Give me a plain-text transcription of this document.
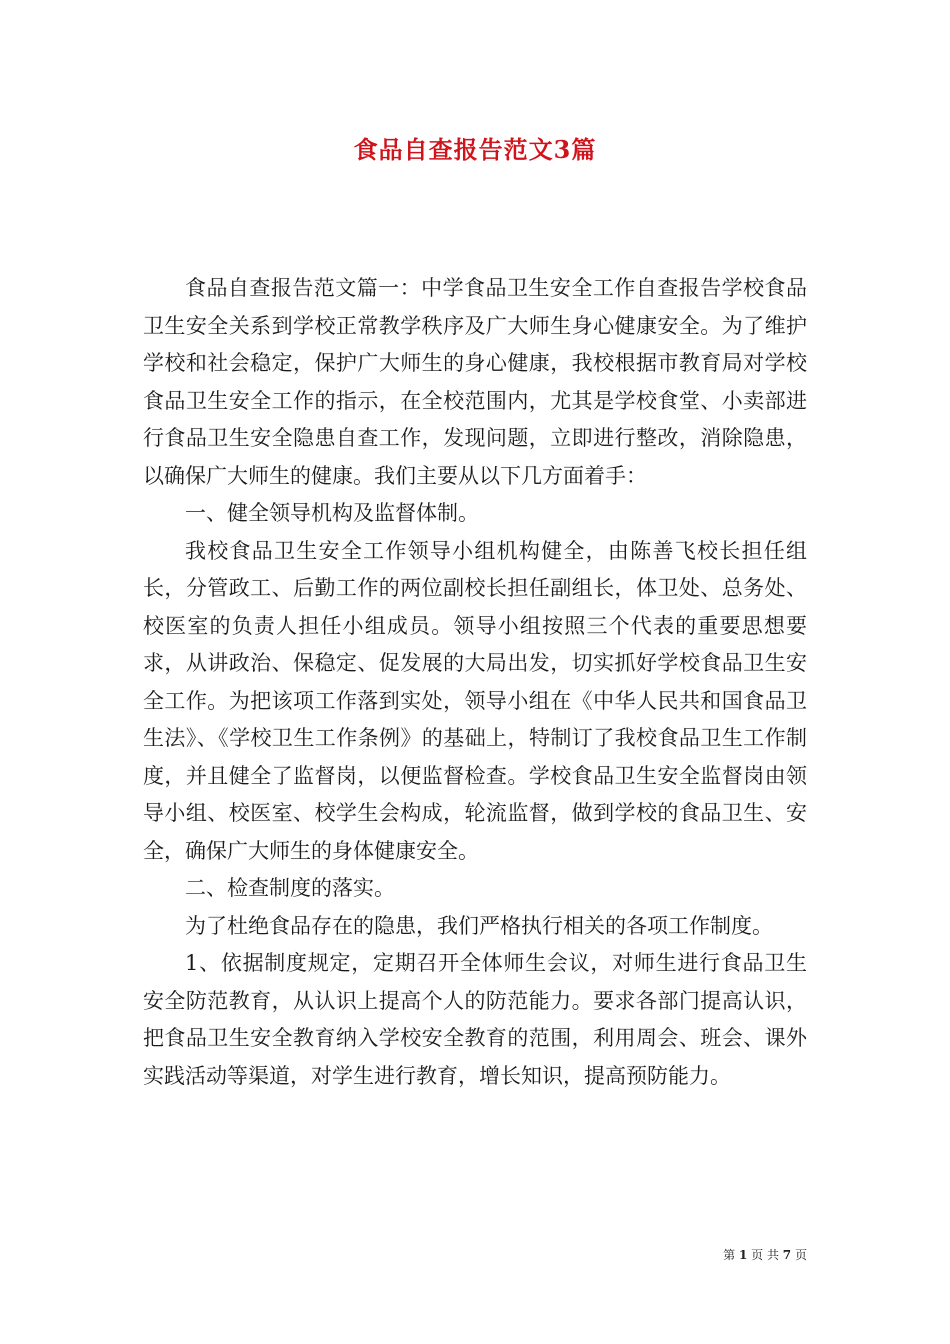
食品自查报告范文3篇

食品自查报告范文篇一：中学食品卫生安全工作自查报告学校食品卫生安全关系到学校正常教学秩序及广大师生身心健康安全。为了维护学校和社会稳定，保护广大师生的身心健康，我校根据市教育局对学校食品卫生安全工作的指示，在全校范围内，尤其是学校食堂、小卖部进行食品卫生安全隐患自查工作，发现问题，立即进行整改，消除隐患，以确保广大师生的健康。我们主要从以下几方面着手：

一、健全领导机构及监督体制。

我校食品卫生安全工作领导小组机构健全，由陈善飞校长担任组长，分管政工、后勤工作的两位副校长担任副组长，体卫处、总务处、校医室的负责人担任小组成员。领导小组按照三个代表的重要思想要求，从讲政治、保稳定、促发展的大局出发，切实抓好学校食品卫生安全工作。为把该项工作落到实处，领导小组在《中华人民共和国食品卫生法》、《学校卫生工作条例》的基础上，特制订了我校食品卫生工作制度，并且健全了监督岗，以便监督检查。学校食品卫生安全监督岗由领导小组、校医室、校学生会构成，轮流监督，做到学校的食品卫生、安全，确保广大师生的身体健康安全。

二、检查制度的落实。

为了杜绝食品存在的隐患，我们严格执行相关的各项工作制度。

1、依据制度规定，定期召开全体师生会议，对师生进行食品卫生安全防范教育，从认识上提高个人的防范能力。要求各部门提高认识，把食品卫生安全教育纳入学校安全教育的范围，利用周会、班会、课外实践活动等渠道，对学生进行教育，增长知识，提高预防能力。

第 1 页 共 7 页
